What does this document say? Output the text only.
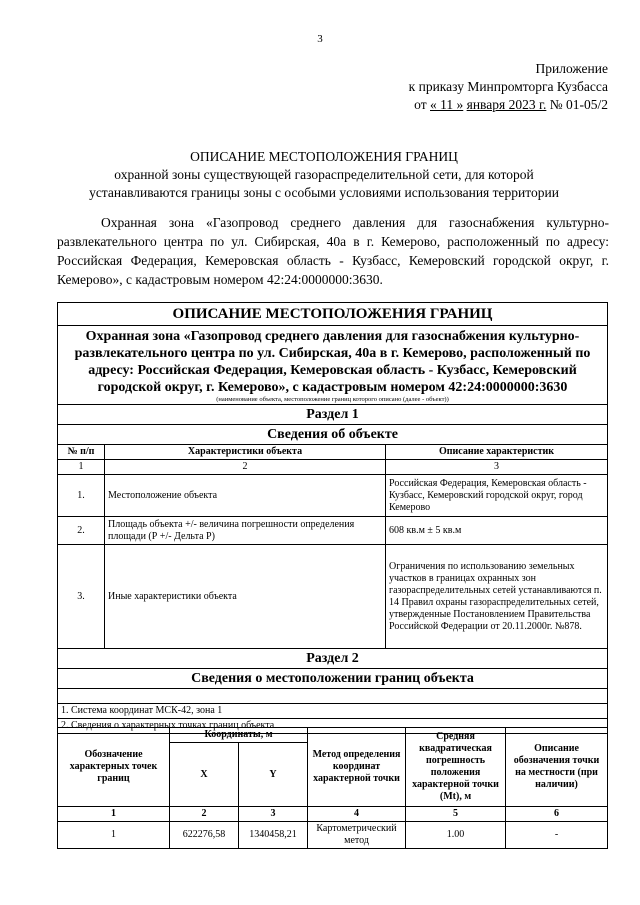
3
Приложение
к приказу Минпромторга Кузбасса
от « 11 » января 2023 г. № 01-05/2
ОПИСАНИЕ МЕСТОПОЛОЖЕНИЯ ГРАНИЦ
охранной зоны существующей газораспределительной сети, для которой
устанавливаются границы зоны с особыми условиями использования территории
Охранная зона «Газопровод среднего давления для газоснабжения культурно-развлекательного центра по ул. Сибирская, 40а в г. Кемерово, расположенный по адресу: Российская Федерация, Кемеровская область - Кузбасс, Кемеровский городской округ, г. Кемерово», с кадастровым номером 42:24:0000000:3630.
ОПИСАНИЕ МЕСТОПОЛОЖЕНИЯ ГРАНИЦ		

Охранная зона «Газопровод среднего давления для газоснабжения культурно-развлекательного центра по ул. Сибирская, 40а в г. Кемерово, расположенный по адресу: Российская Федерация, Кемеровская область - Кузбасс, Кемеровский городской округ, г. Кемерово», с кадастровым номером 42:24:0000000:3630
(наименование объекта, местоположение границ которого описано (далее - объект))		

Раздел 1		
Сведения об объекте		
№ п/п	Характеристики объекта	Описание характеристик
1	2	3
1.	Местоположение объекта	Российская Федерация, Кемеровская область - Кузбасс, Кемеровский городской округ, город Кемерово
2.	Площадь объекта +/- величина погрешности определения площади (Р +/- Дельта Р)	608 кв.м ± 5 кв.м
3.	Иные характеристики объекта	Ограничения по использованию земельных участков в границах охранных зон газораспределительных сетей устанавливаются п. 14 Правил охраны газораспределительных сетей, утвержденные Постановлением Правительства Российской Федерации от 20.11.2000г. №878.
Раздел 2		
Сведения о местоположении границ объекта		

1. Система координат МСК-42, зона 1		
2. Сведения о характерных точках границ объекта		
Обозначение характерных точек границ	Координаты, м		Метод определения координат характерной точки	Средняя квадратическая погрешность положения характерной точки (Mt), м	Описание обозначения точки на местности (при наличии)
	X	Y			
1	2	3	4	5	6
1	622276,58	1340458,21	Картометрический метод	1.00	-
